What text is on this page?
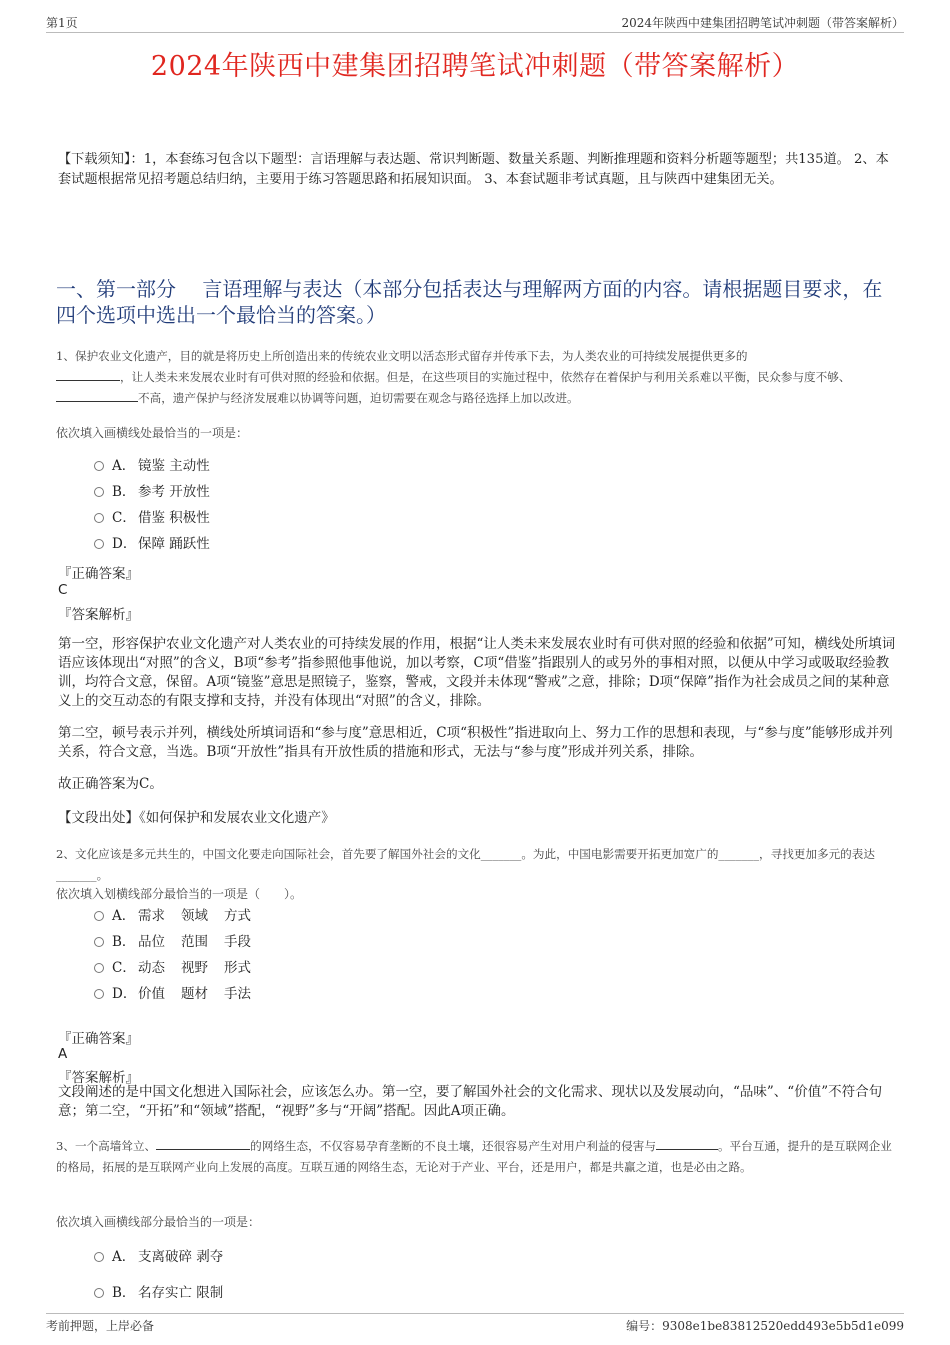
第1页	2024年陕西中建集团招聘笔试冲刺题（带答案解析）
2024年陕西中建集团招聘笔试冲刺题（带答案解析）
【下载须知】：1，本套练习包含以下题型：言语理解与表达题、常识判断题、数量关系题、判断推理题和资料分析题等题型；共135道。 2、本套试题根据常见招考题总结归纳，主要用于练习答题思路和拓展知识面。 3、本套试题非考试真题，且与陕西中建集团无关。
一、第一部分　 言语理解与表达（本部分包括表达与理解两方面的内容。请根据题目要求，在四个选项中选出一个最恰当的答案。）
1、保护农业文化遗产，目的就是将历史上所创造出来的传统农业文明以活态形式留存并传承下去，为人类农业的可持续发展提供更多的
，让人类未来发展农业时有可供对照的经验和依据。但是，在这些项目的实施过程中，依然存在着保护与利用关系难以平衡，民众参与度不够、不高，遗产保护与经济发展难以协调等问题，迫切需要在观念与路径选择上加以改进。
依次填入画横线处最恰当的一项是：
A． 镜鉴 主动性
B． 参考 开放性
C． 借鉴 积极性
D． 保障 踊跃性
『正确答案』
C
『答案解析』
第一空，形容保护农业文化遗产对人类农业的可持续发展的作用，根据“让人类未来发展农业时有可供对照的经验和依据”可知，横线处所填词语应该体现出“对照”的含义，B项“参考”指参照他事他说，加以考察，C项“借鉴”指跟别人的或另外的事相对照，以便从中学习或吸取经验教训，均符合文意，保留。A项“镜鉴”意思是照镜子，鉴察，警戒，文段并未体现“警戒”之意，排除；D项“保障”指作为社会成员之间的某种意义上的交互动态的有限支撑和支持，并没有体现出“对照”的含义，排除。
第二空，顿号表示并列，横线处所填词语和“参与度”意思相近，C项“积极性”指进取向上、努力工作的思想和表现，与“参与度”能够形成并列关系，符合文意，当选。B项“开放性”指具有开放性质的措施和形式，无法与“参与度”形成并列关系，排除。
故正确答案为C。
【文段出处】《如何保护和发展农业文化遗产》
2、文化应该是多元共生的，中国文化要走向国际社会，首先要了解国外社会的文化_______。为此，中国电影需要开拓更加宽广的_______，寻找更加多元的表达_______。
依次填入划横线部分最恰当的一项是（　　）。
A． 需求 领域 方式
B． 品位 范围 手段
C． 动态 视野 形式
D． 价值 题材 手法
『正确答案』
A
『答案解析』
文段阐述的是中国文化想进入国际社会，应该怎么办。第一空，要了解国外社会的文化需求、现状以及发展动向，“品味”、“价值”不符合句意；第二空，“开拓”和“领域”搭配，“视野”多与“开阔”搭配。因此A项正确。
3、一个高墙耸立、	的网络生态，不仅容易孕育垄断的不良土壤，还很容易产生对用户利益的侵害与	。平台互通，提升的是互联网企业的格局，拓展的是互联网产业向上发展的高度。互联互通的网络生态，无论对于产业、平台，还是用户，都是共赢之道，也是必由之路。
依次填入画横线部分最恰当的一项是：
A． 支离破碎 剥夺
B． 名存实亡 限制
考前押题，上岸必备	编号：9308e1be83812520edd493e5b5d1e099
